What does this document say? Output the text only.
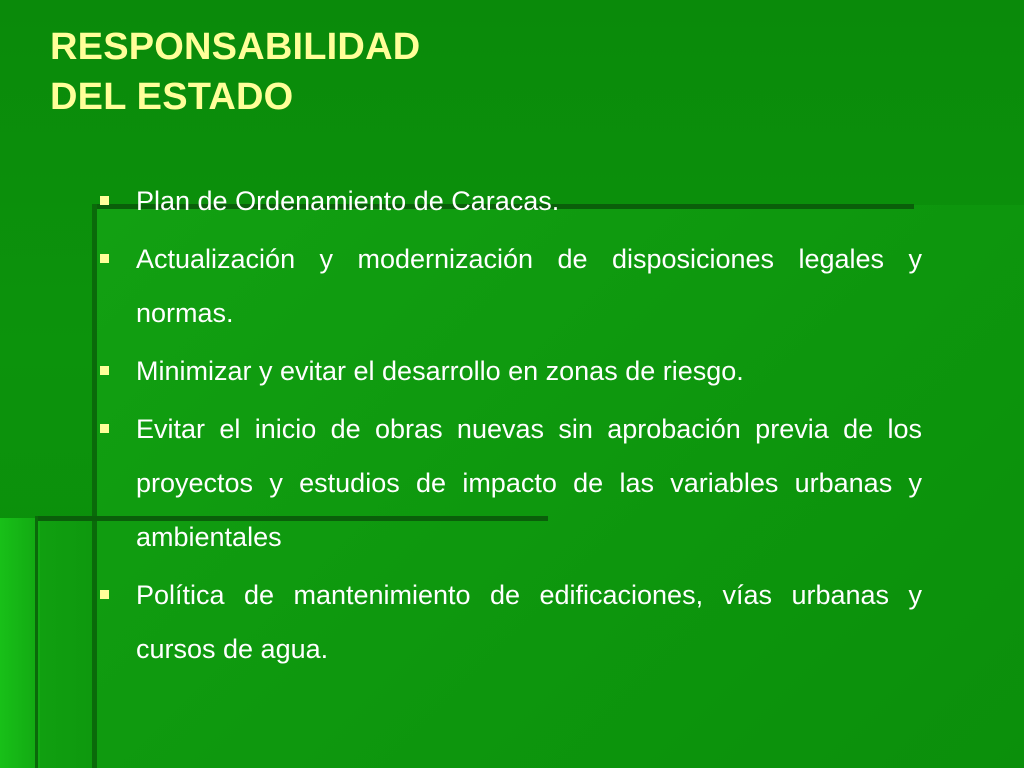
RESPONSABILIDAD
DEL ESTADO
Plan de Ordenamiento de Caracas.
Actualización y modernización de disposiciones legales y normas.
Minimizar y evitar el desarrollo en zonas de riesgo.
Evitar el inicio de obras nuevas sin aprobación previa de los proyectos y estudios de impacto de las variables urbanas y ambientales
Política de mantenimiento de edificaciones, vías urbanas y cursos de agua.
